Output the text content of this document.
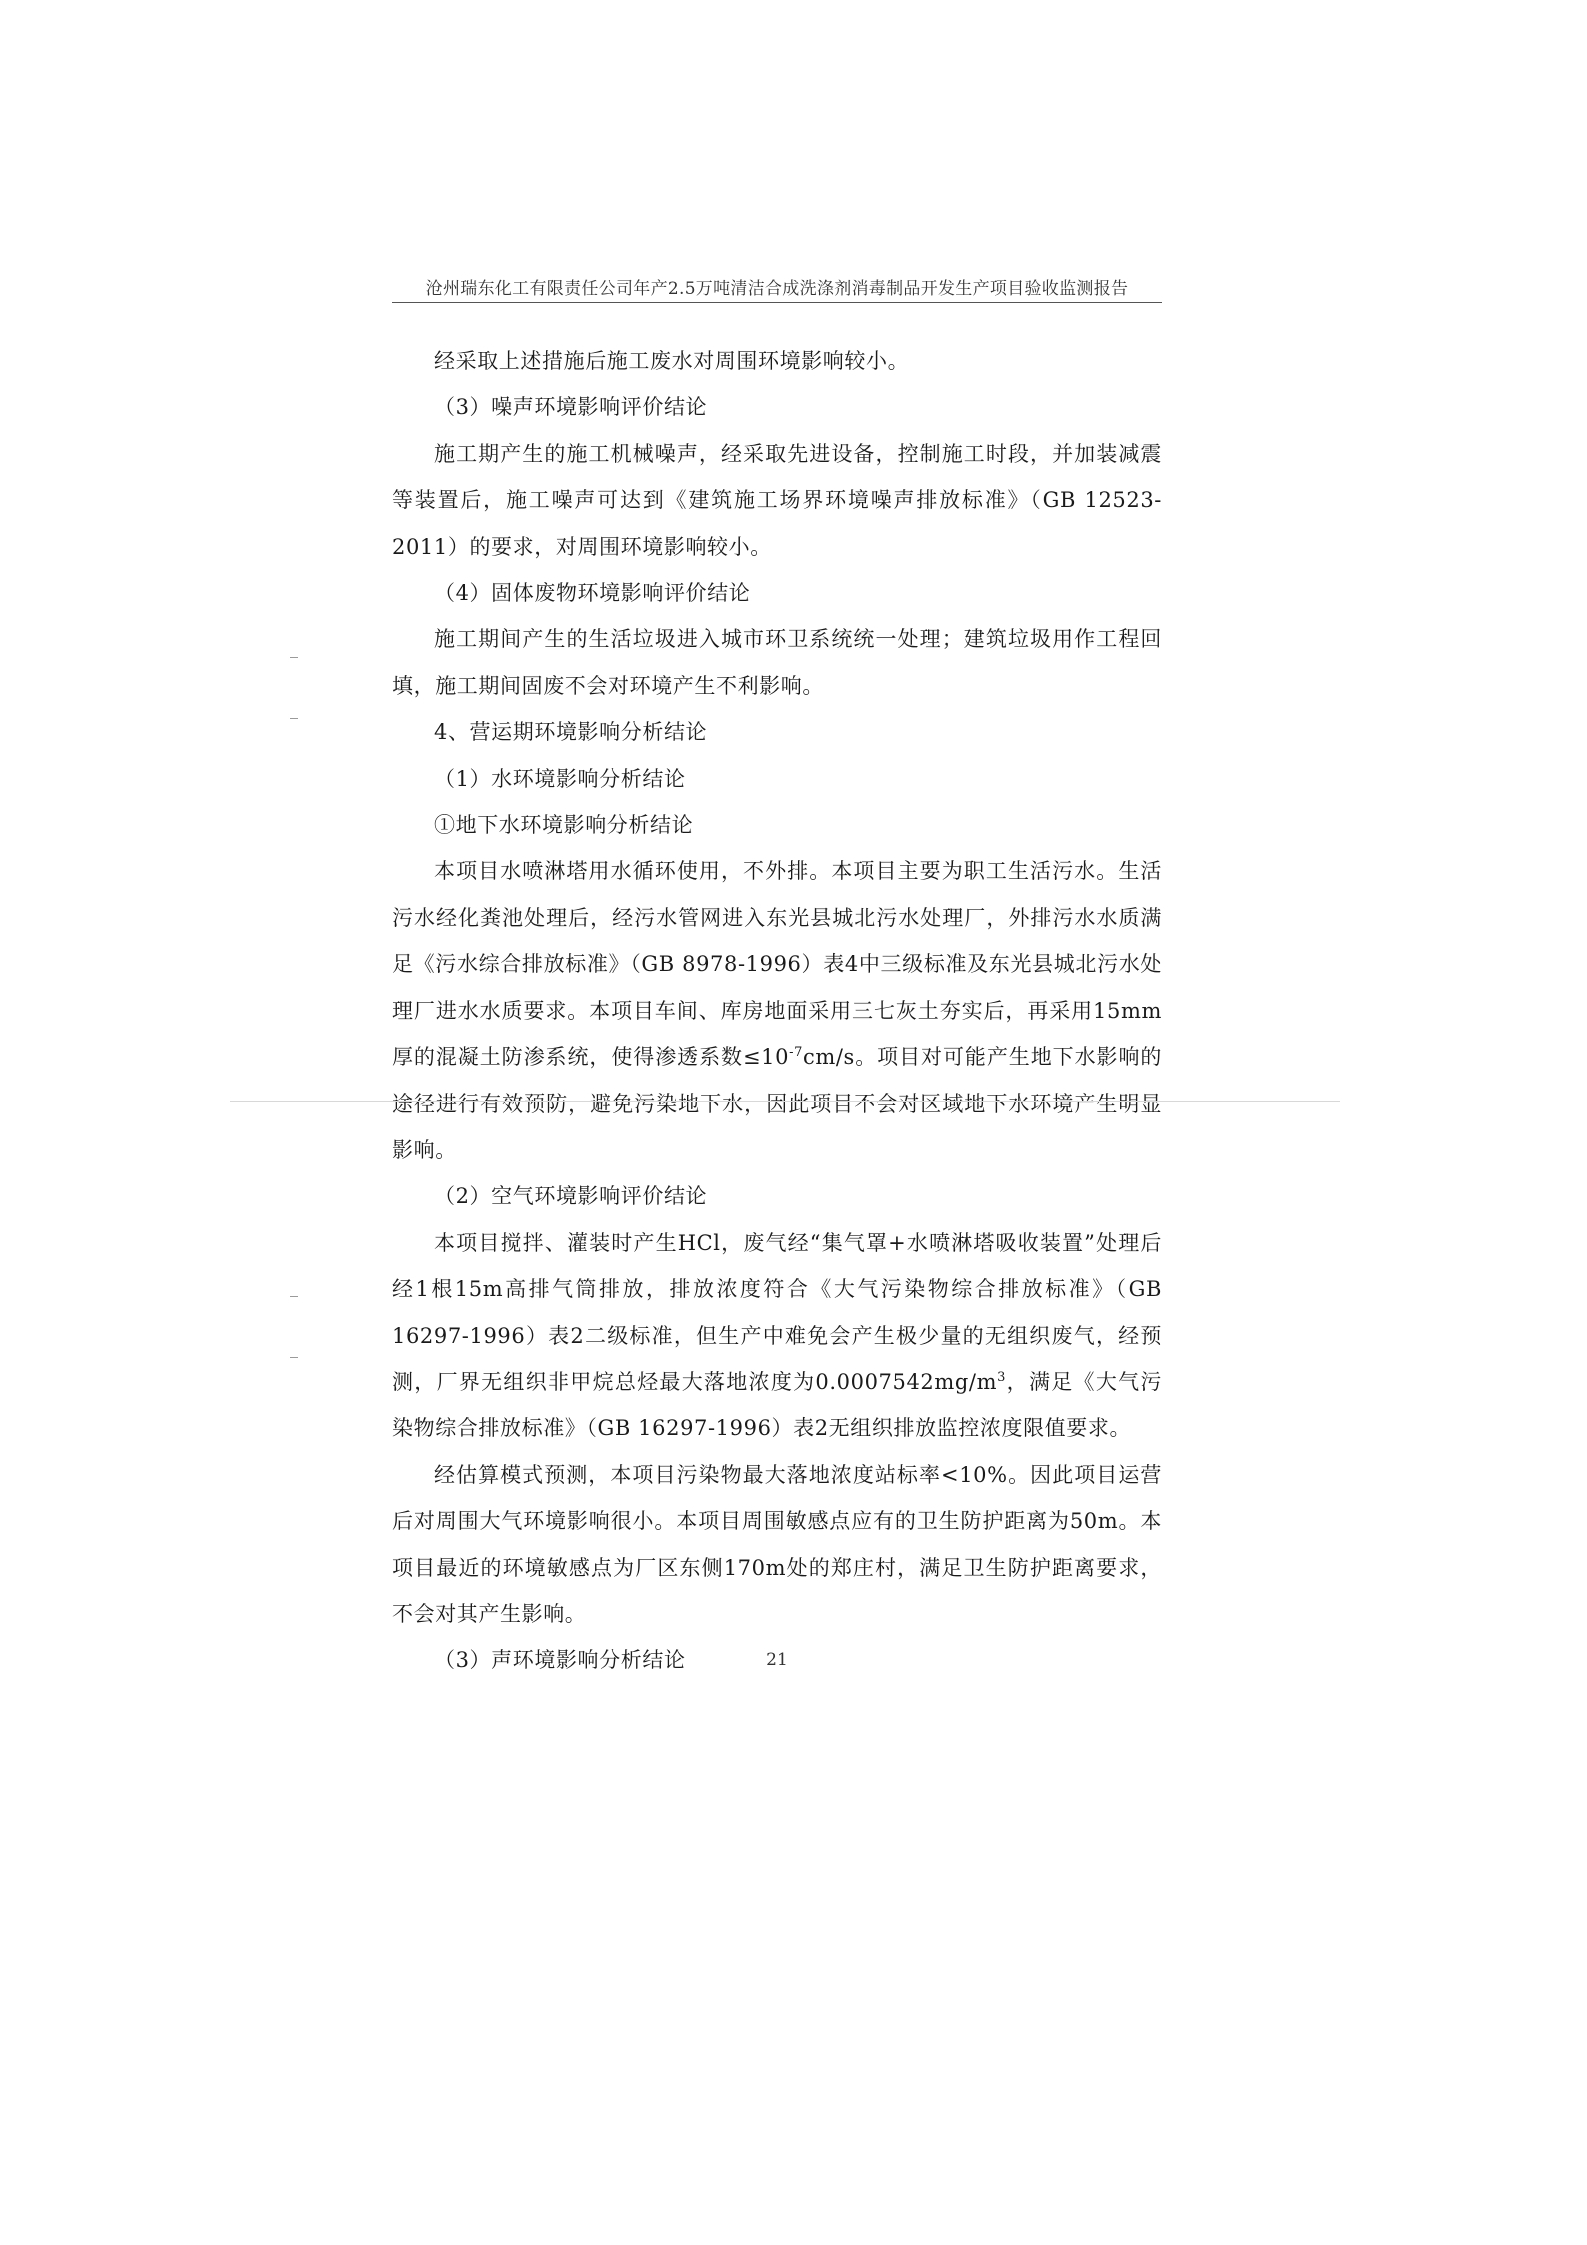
沧州瑞东化工有限责任公司年产2.5万吨清洁合成洗涤剂消毒制品开发生产项目验收监测报告

经采取上述措施后施工废水对周围环境影响较小。

（3）噪声环境影响评价结论

施工期产生的施工机械噪声，经采取先进设备，控制施工时段，并加装减震等装置后，施工噪声可达到《建筑施工场界环境噪声排放标准》（GB 12523-2011）的要求，对周围环境影响较小。

（4）固体废物环境影响评价结论

施工期间产生的生活垃圾进入城市环卫系统统一处理；建筑垃圾用作工程回填，施工期间固废不会对环境产生不利影响。

4、营运期环境影响分析结论

（1）水环境影响分析结论

①地下水环境影响分析结论

本项目水喷淋塔用水循环使用，不外排。本项目主要为职工生活污水。生活污水经化粪池处理后，经污水管网进入东光县城北污水处理厂，外排污水水质满足《污水综合排放标准》（GB 8978-1996）表4中三级标准及东光县城北污水处理厂进水水质要求。本项目车间、库房地面采用三七灰土夯实后，再采用15mm厚的混凝土防渗系统，使得渗透系数$\le 10^{-7}cm/s$。项目对可能产生地下水影响的途径进行有效预防，避免污染地下水，因此项目不会对区域地下水环境产生明显影响。

（2）空气环境影响评价结论

本项目搅拌、灌装时产生HCl，废气经“集气罩+水喷淋塔吸收装置”处理后经1根15m高排气筒排放，排放浓度符合《大气污染物综合排放标准》（GB 16297-1996）表2二级标准，但生产中难免会产生极少量的无组织废气，经预测，厂界无组织非甲烷总烃最大落地浓度为$0.0007542mg/m^3$，满足《大气污染物综合排放标准》（GB 16297-1996）表2无组织排放监控浓度限值要求。

经估算模式预测，本项目污染物最大落地浓度站标率<10%。因此项目运营后对周围大气环境影响很小。本项目周围敏感点应有的卫生防护距离为50m。本项目最近的环境敏感点为厂区东侧170m处的郑庄村，满足卫生防护距离要求，不会对其产生影响。

（3）声环境影响分析结论	21
